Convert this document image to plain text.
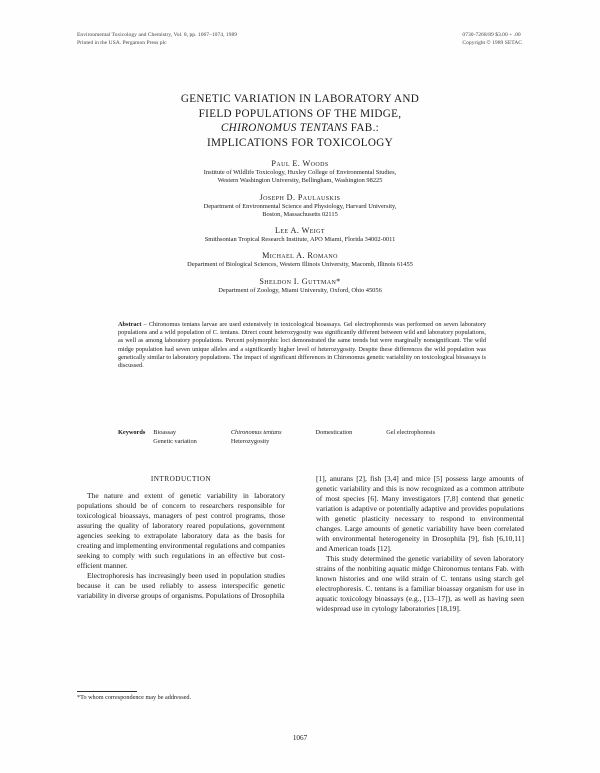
Environmental Toxicology and Chemistry, Vol. 8, pp. 1067–1074, 1989
Printed in the USA. Pergamon Press plc
0730-7268/89 $3.00 + .00
Copyright © 1989 SETAC
GENETIC VARIATION IN LABORATORY AND
FIELD POPULATIONS OF THE MIDGE,
CHIRONOMUS TENTANS FAB.:
IMPLICATIONS FOR TOXICOLOGY
Paul E. Woods
Institute of Wildlife Toxicology, Huxley College of Environmental Studies,
Western Washington University, Bellingham, Washington 98225
Joseph D. Paulauskis
Department of Environmental Science and Physiology, Harvard University,
Boston, Massachusetts 02115
Lee A. Weigt
Smithsonian Tropical Research Institute, APO Miami, Florida 34002-0011
Michael A. Romano
Department of Biological Sciences, Western Illinois University, Macomb, Illinois 61455
Sheldon I. Guttman*
Department of Zoology, Miami University, Oxford, Ohio 45056
Abstract – Chironomus tentans larvae are used extensively in toxicological bioassays. Gel electrophoresis was performed on seven laboratory populations and a wild population of C. tentans. Direct count heterozygosity was significantly different between wild and laboratory populations, as well as among laboratory populations. Percent polymorphic loci demonstrated the same trends but were marginally nonsignificant. The wild midge population had seven unique alleles and a significantly higher level of heterozygosity. Despite these differences the wild population was genetically similar to laboratory populations. The impact of significant differences in Chironomus genetic variability on toxicological bioassays is discussed.
Keywords Bioassay	Chironomus tentans	Domestication	Gel electrophoresis
Genetic variation	Heterozygosity
INTRODUCTION

The nature and extent of genetic variability in laboratory populations should be of concern to researchers responsible for toxicological bioassays, managers of pest control programs, those assuring the quality of laboratory reared populations, government agencies seeking to extrapolate laboratory data as the basis for creating and implementing environmental regulations and companies seeking to comply with such regulations in an effective but cost-efficient manner.

Electrophoresis has increasingly been used in population studies because it can be used reliably to assess interspecific genetic variability in diverse groups of organisms. Populations of Drosophila

[1], anurans [2], fish [3,4] and mice [5] possess large amounts of genetic variability and this is now recognized as a common attribute of most species [6]. Many investigators [7,8] contend that genetic variation is adaptive or potentially adaptive and provides populations with genetic plasticity necessary to respond to environmental changes. Large amounts of genetic variability have been correlated with environmental heterogeneity in Drosophila [9], fish [6,10,11] and American toads [12].

This study determined the genetic variability of seven laboratory strains of the nonbiting aquatic midge Chironomus tentans Fab. with known histories and one wild strain of C. tentans using starch gel electrophoresis. C. tentans is a familiar bioassay organism for use in aquatic toxicology bioassays (e.g., [13–17]), as well as having seen widespread use in cytology laboratories [18,19].

*To whom correspondence may be addressed.
1067
